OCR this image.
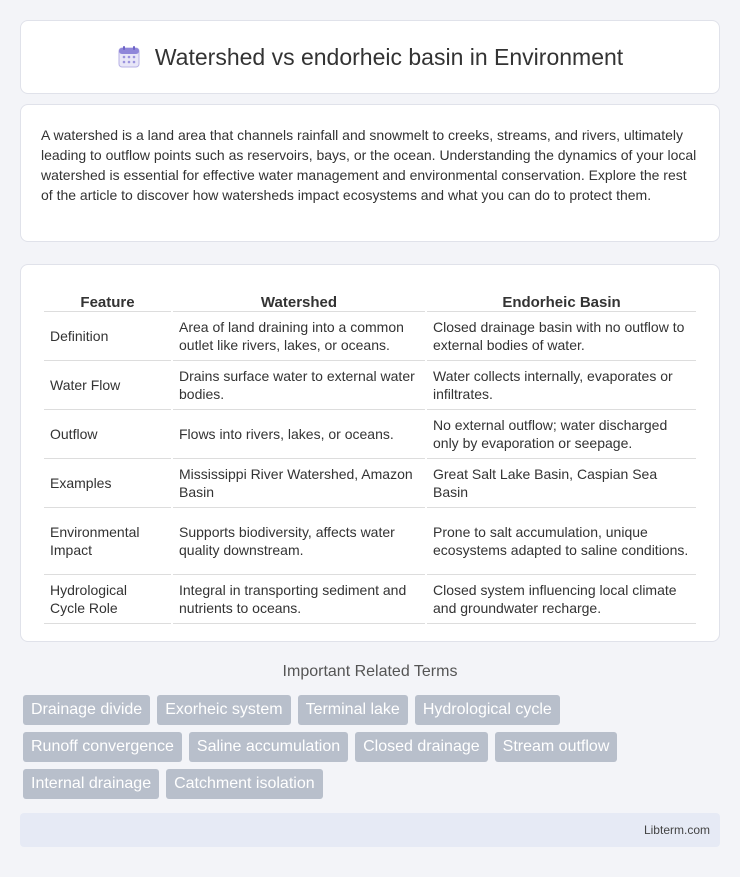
Watershed vs endorheic basin in Environment

A watershed is a land area that channels rainfall and snowmelt to creeks, streams, and rivers, ultimately leading to outflow points such as reservoirs, bays, or the ocean. Understanding the dynamics of your local watershed is essential for effective water management and environmental conservation. Explore the rest of the article to discover how watersheds impact ecosystems and what you can do to protect them.

Feature	Watershed	Endorheic Basin
Definition	Area of land draining into a common outlet like rivers, lakes, or oceans.	Closed drainage basin with no outflow to external bodies of water.
Water Flow	Drains surface water to external water bodies.	Water collects internally, evaporates or infiltrates.
Outflow	Flows into rivers, lakes, or oceans.	No external outflow; water discharged only by evaporation or seepage.
Examples	Mississippi River Watershed, Amazon Basin	Great Salt Lake Basin, Caspian Sea Basin
Environmental Impact	Supports biodiversity, affects water quality downstream.	Prone to salt accumulation, unique ecosystems adapted to saline conditions.
Hydrological Cycle Role	Integral in transporting sediment and nutrients to oceans.	Closed system influencing local climate and groundwater recharge.
Important Related Terms
Drainage divide	Exorheic system	Terminal lake	Hydrological cycle
Runoff convergence	Saline accumulation	Closed drainage	Stream outflow
Internal drainage	Catchment isolation
Libterm.com
